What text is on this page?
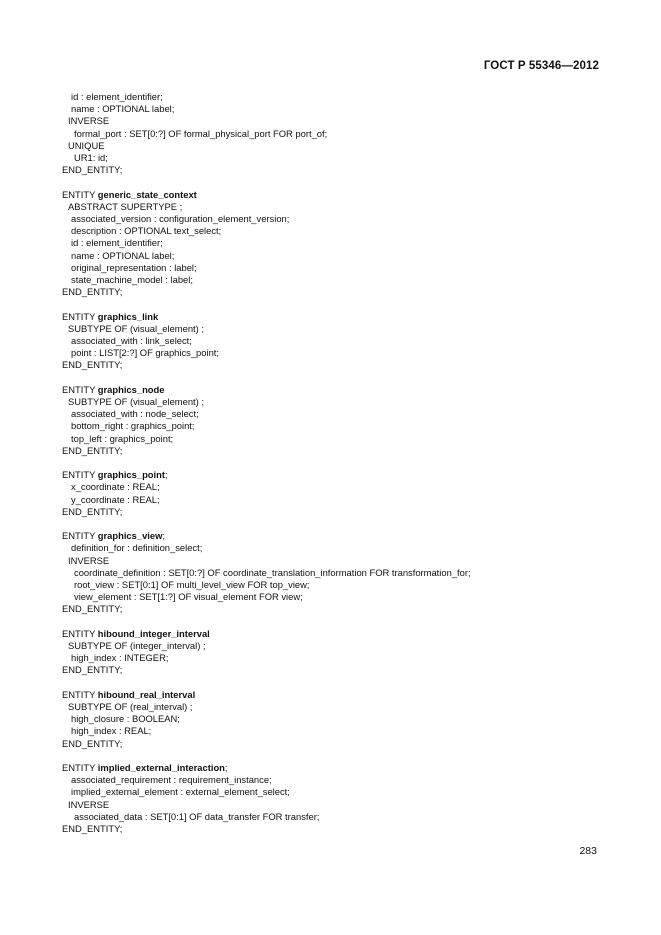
ГОСТ Р 55346—2012
id : element_identifier;
name : OPTIONAL label;
INVERSE
formal_port : SET[0:?] OF formal_physical_port FOR port_of;
UNIQUE
UR1: id;
END_ENTITY;
ENTITY generic_state_context
ABSTRACT SUPERTYPE ;
associated_version : configuration_element_version;
description : OPTIONAL text_select;
id : element_identifier;
name : OPTIONAL label;
original_representation : label;
state_machine_model : label;
END_ENTITY;
ENTITY graphics_link
SUBTYPE OF (visual_element) ;
associated_with : link_select;
point : LIST[2:?] OF graphics_point;
END_ENTITY;
ENTITY graphics_node
SUBTYPE OF (visual_element) ;
associated_with : node_select;
bottom_right : graphics_point;
top_left : graphics_point;
END_ENTITY;
ENTITY graphics_point;
x_coordinate : REAL;
y_coordinate : REAL;
END_ENTITY;
ENTITY graphics_view;
definition_for : definition_select;
INVERSE
coordinate_definition : SET[0:?] OF coordinate_translation_information FOR transformation_for;
root_view : SET[0:1] OF multi_level_view FOR top_view;
view_element : SET[1:?] OF visual_element FOR view;
END_ENTITY;
ENTITY hibound_integer_interval
SUBTYPE OF (integer_interval) ;
high_index : INTEGER;
END_ENTITY;
ENTITY hibound_real_interval
SUBTYPE OF (real_interval) ;
high_closure : BOOLEAN;
high_index : REAL;
END_ENTITY;
ENTITY implied_external_interaction;
associated_requirement : requirement_instance;
implied_external_element : external_element_select;
INVERSE
associated_data : SET[0:1] OF data_transfer FOR transfer;
END_ENTITY;
283
